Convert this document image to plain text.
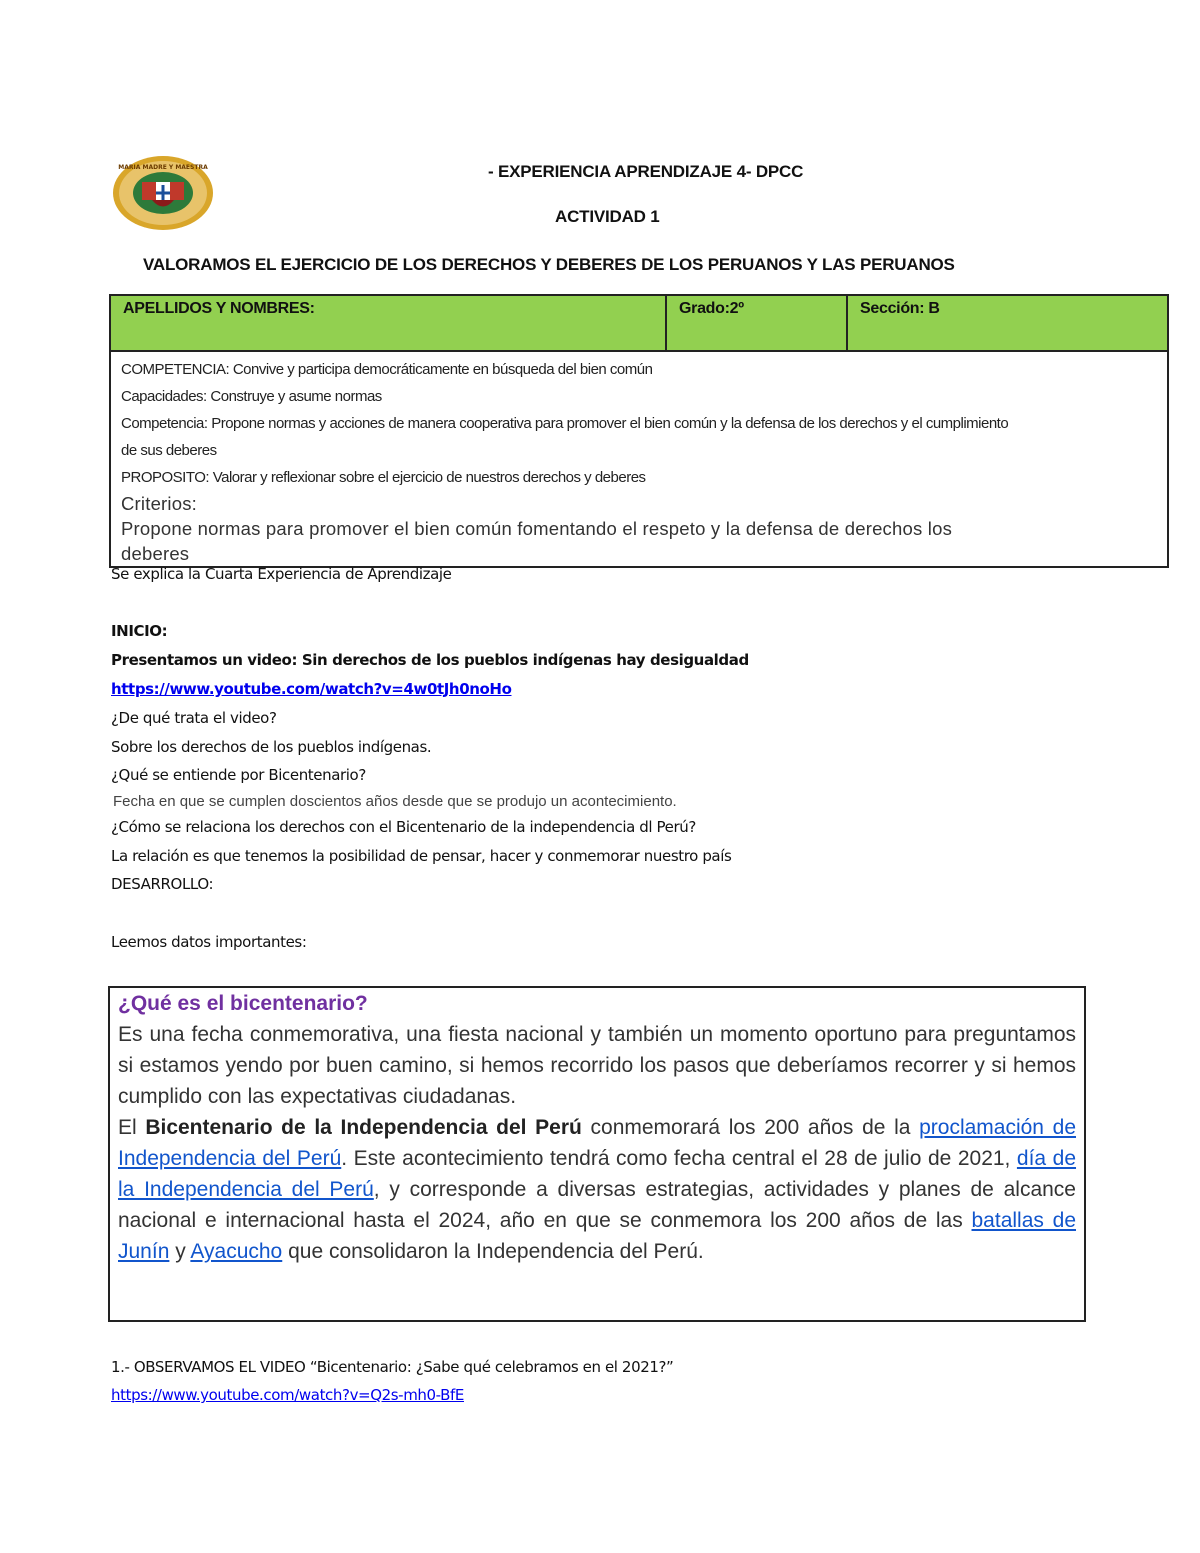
MARIA MADRE Y MAESTRA	- EXPERIENCIA APRENDIZAJE 4- DPCC
ACTIVIDAD 1
VALORAMOS EL EJERCICIO DE LOS DERECHOS Y DEBERES DE LOS PERUANOS Y LAS PERUANOS
APELLIDOS Y NOMBRES:	Grado:2º	Sección: B

COMPETENCIA: Convive y participa democráticamente en búsqueda del bien común
Capacidades: Construye y asume normas
Competencia: Propone normas y acciones de manera cooperativa para promover el bien común y la defensa de los derechos y el cumplimiento
de sus deberes
PROPOSITO: Valorar y reflexionar sobre el ejercicio de nuestros derechos y deberes
Criterios:
Propone normas para promover el bien común fomentando el respeto y la defensa de derechos los
deberes
Se explica la Cuarta Experiencia de Aprendizaje
INICIO:
Presentamos un video: Sin derechos de los pueblos indígenas hay desigualdad
https://www.youtube.com/watch?v=4w0tJh0noHo
¿De qué trata el video?
Sobre los derechos de los pueblos indígenas.
¿Qué se entiende por Bicentenario?
Fecha en que se cumplen doscientos años desde que se produjo un acontecimiento.
¿Cómo se relaciona los derechos con el Bicentenario de la independencia dl Perú?
La relación es que tenemos la posibilidad de pensar, hacer y conmemorar nuestro país
DESARROLLO:
Leemos datos importantes:
¿Qué es el bicentenario?
Es una fecha conmemorativa, una fiesta nacional y también un momento oportuno para preguntamos si estamos yendo por buen camino, si hemos recorrido los pasos que deberíamos recorrer y si hemos cumplido con las expectativas ciudadanas.
El Bicentenario de la Independencia del Perú conmemorará los 200 años de la proclamación de Independencia del Perú. Este acontecimiento tendrá como fecha central el 28 de julio de 2021, día de la Independencia del Perú, y corresponde a diversas estrategias, actividades y planes de alcance nacional e internacional hasta el 2024, año en que se conmemora los 200 años de las batallas de Junín y Ayacucho que consolidaron la Independencia del Perú.
1.- OBSERVAMOS EL VIDEO “Bicentenario: ¿Sabe qué celebramos en el 2021?”
https://www.youtube.com/watch?v=Q2s-mh0-BfE
